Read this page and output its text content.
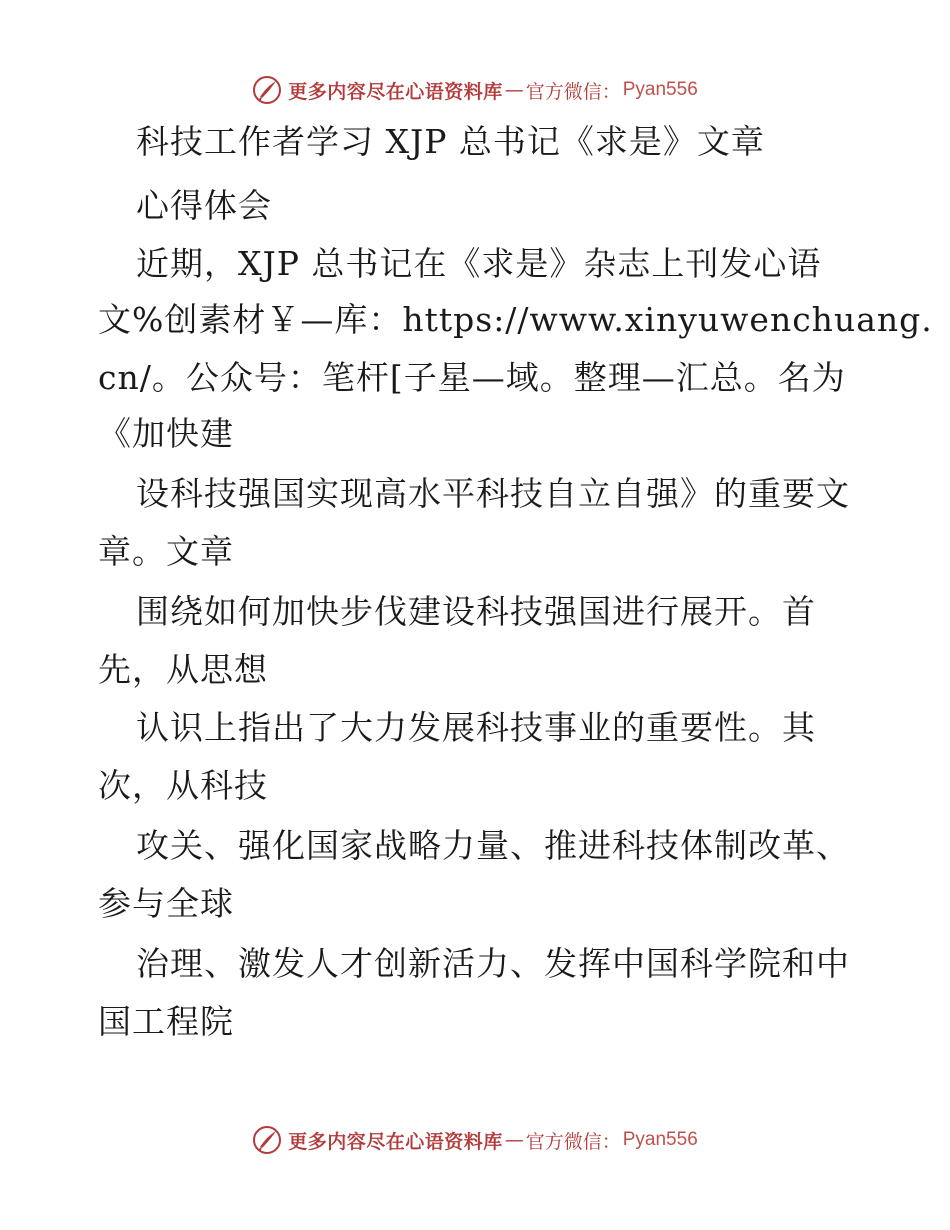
更多内容尽在心语资料库 — 官方微信： Pyan556
科技工作者学习 XJP 总书记《求是》文章
心得体会
近期，XJP 总书记在《求是》杂志上刊发心语
文%创素材￥—库：https://www.xinyuwenchuang.
cn/。公众号：笔杆[子星—域。整理—汇总。名为
《加快建
设科技强国实现高水平科技自立自强》的重要文
章。文章
围绕如何加快步伐建设科技强国进行展开。首
先，从思想
认识上指出了大力发展科技事业的重要性。其
次，从科技
攻关、强化国家战略力量、推进科技体制改革、
参与全球
治理、激发人才创新活力、发挥中国科学院和中
国工程院
更多内容尽在心语资料库 — 官方微信： Pyan556
